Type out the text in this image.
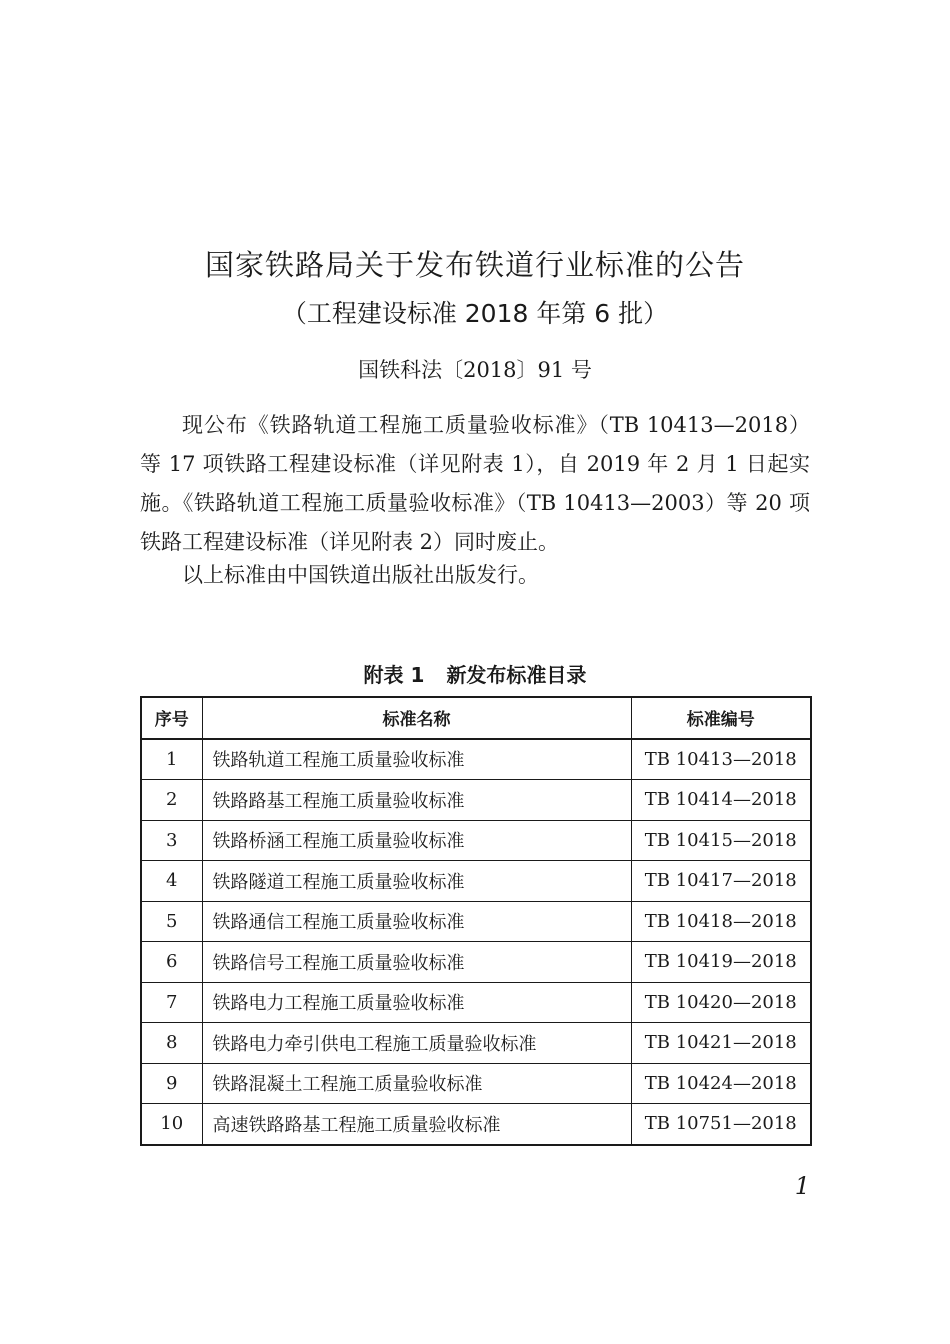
国家铁路局关于发布铁道行业标准的公告
（工程建设标准 2018 年第 6 批）
国铁科法〔2018〕91 号
现公布《铁路轨道工程施工质量验收标准》（TB 10413—2018）等 17 项铁路工程建设标准（详见附表 1），自 2019 年 2 月 1 日起实施。《铁路轨道工程施工质量验收标准》（TB 10413—2003）等 20 项铁路工程建设标准（详见附表 2）同时废止。
以上标准由中国铁道出版社出版发行。
附表 1 新发布标准目录
序号	标准名称	标准编号
1	铁路轨道工程施工质量验收标准	TB 10413—2018
2	铁路路基工程施工质量验收标准	TB 10414—2018
3	铁路桥涵工程施工质量验收标准	TB 10415—2018
4	铁路隧道工程施工质量验收标准	TB 10417—2018
5	铁路通信工程施工质量验收标准	TB 10418—2018
6	铁路信号工程施工质量验收标准	TB 10419—2018
7	铁路电力工程施工质量验收标准	TB 10420—2018
8	铁路电力牵引供电工程施工质量验收标准	TB 10421—2018
9	铁路混凝土工程施工质量验收标准	TB 10424—2018
10	高速铁路路基工程施工质量验收标准	TB 10751—2018
1
